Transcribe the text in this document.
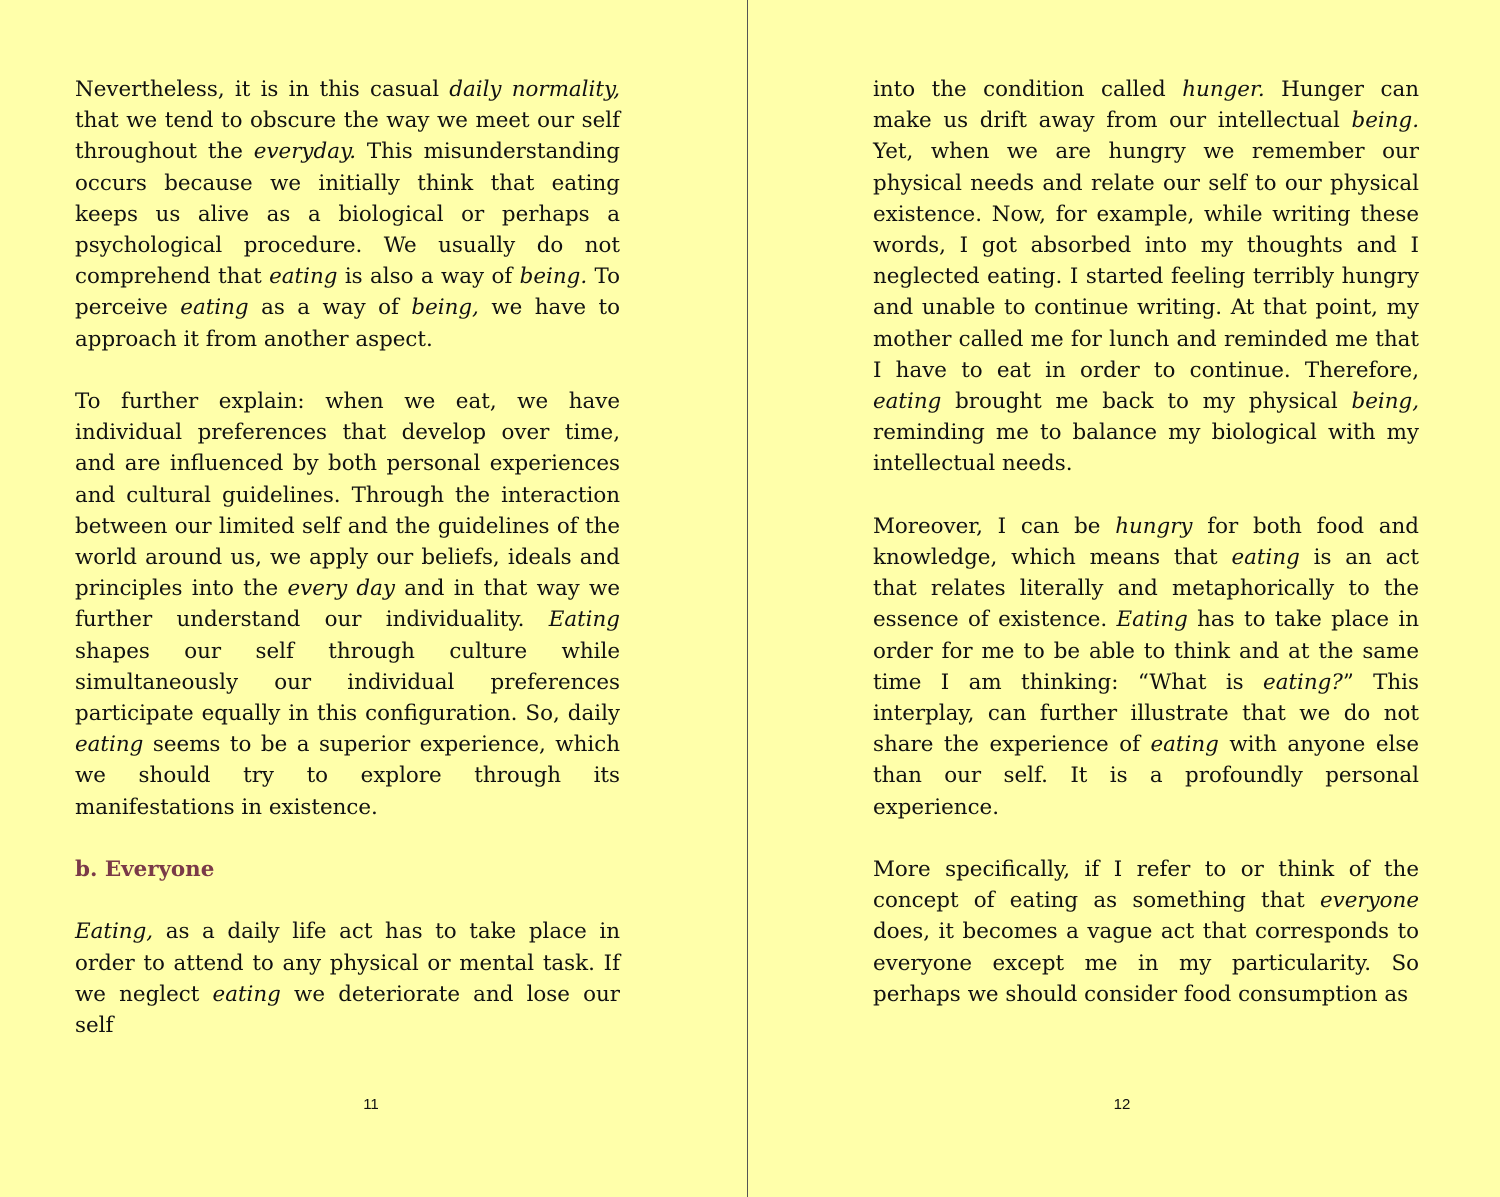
Nevertheless, it is in this casual daily normality, that we tend to obscure the way we meet our self throughout the everyday. This misunderstanding occurs because we initially think that eating keeps us alive as a biological or perhaps a psychological procedure. We usually do not comprehend that eating is also a way of being. To perceive eating as a way of being, we have to approach it from another aspect.

To further explain: when we eat, we have individual preferences that develop over time, and are influenced by both personal experiences and cultural guidelines. Through the interaction between our limited self and the guidelines of the world around us, we apply our beliefs, ideals and principles into the every day and in that way we further understand our individuality. Eating shapes our self through culture while simultaneously our individual preferences participate equally in this configuration. So, daily eating seems to be a superior experience, which we should try to explore through its manifestations in existence.

b. Everyone

Eating, as a daily life act has to take place in order to attend to any physical or mental task. If we neglect eating we deteriorate and lose our self

11

into the condition called hunger. Hunger can make us drift away from our intellectual being. Yet, when we are hungry we remember our physical needs and relate our self to our physical existence. Now, for example, while writing these words, I got absorbed into my thoughts and I neglected eating. I started feeling terribly hungry and unable to continue writing. At that point, my mother called me for lunch and reminded me that I have to eat in order to continue. Therefore, eating brought me back to my physical being, reminding me to balance my biological with my intellectual needs.

Moreover, I can be hungry for both food and knowledge, which means that eating is an act that relates literally and metaphorically to the essence of existence. Eating has to take place in order for me to be able to think and at the same time I am thinking: “What is eating?” This interplay, can further illustrate that we do not share the experience of eating with anyone else than our self. It is a profoundly personal experience.

More specifically, if I refer to or think of the concept of eating as something that everyone does, it becomes a vague act that corresponds to everyone except me in my particularity. So perhaps we should consider food consumption as

12
